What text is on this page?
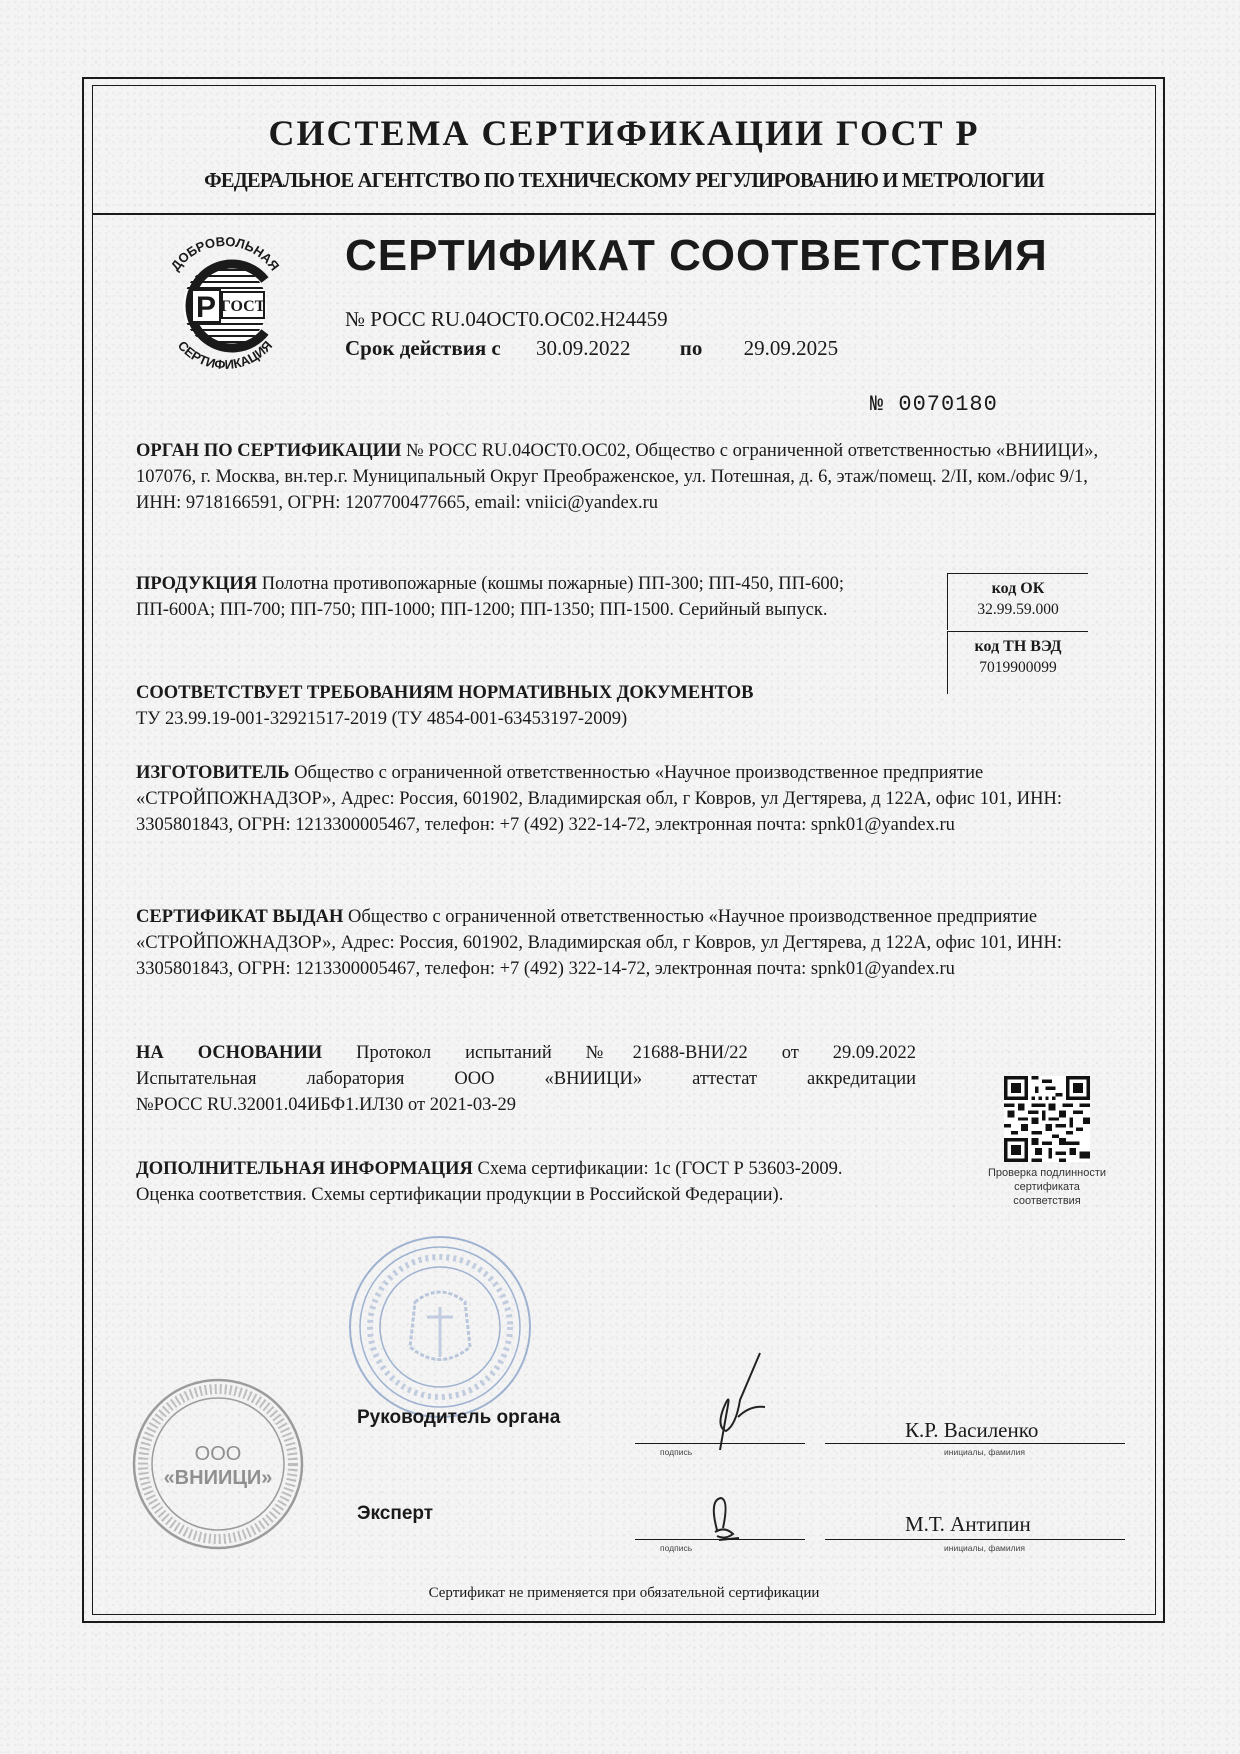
СИСТЕМА СЕРТИФИКАЦИИ ГОСТ Р
ФЕДЕРАЛЬНОЕ АГЕНТСТВО ПО ТЕХНИЧЕСКОМУ РЕГУЛИРОВАНИЮ И МЕТРОЛОГИИ
ДОБРОВОЛЬНАЯ
СЕРТИФИКАЦИЯ
Р ГОСТ
СЕРТИФИКАТ СООТВЕТСТВИЯ
№ РОСС RU.04ОСТ0.ОС02.Н24459
Срок действия с 30.09.2022 по 29.09.2025
№ 0070180
ОРГАН ПО СЕРТИФИКАЦИИ № РОСС RU.04ОСТ0.ОС02, Общество с ограниченной ответственностью «ВНИИЦИ», 107076, г. Москва, вн.тер.г. Муниципальный Округ Преображенское, ул. Потешная, д. 6, этаж/помещ. 2/II, ком./офис 9/1, ИНН: 9718166591, ОГРН: 1207700477665, email: vniici@yandex.ru
ПРОДУКЦИЯ Полотна противопожарные (кошмы пожарные) ПП-300; ПП-450, ПП-600; ПП-600А; ПП-700; ПП-750; ПП-1000; ПП-1200; ПП-1350; ПП-1500. Серийный выпуск.
код ОК
32.99.59.000
код ТН ВЭД
7019900099
СООТВЕТСТВУЕТ ТРЕБОВАНИЯМ НОРМАТИВНЫХ ДОКУМЕНТОВ
ТУ 23.99.19-001-32921517-2019 (ТУ 4854-001-63453197-2009)
ИЗГОТОВИТЕЛЬ Общество с ограниченной ответственностью «Научное производственное предприятие «СТРОЙПОЖНАДЗОР», Адрес: Россия, 601902, Владимирская обл, г Ковров, ул Дегтярева, д 122А, офис 101, ИНН: 3305801843, ОГРН: 1213300005467, телефон: +7 (492) 322-14-72, электронная почта: spnk01@yandex.ru
СЕРТИФИКАТ ВЫДАН Общество с ограниченной ответственностью «Научное производственное предприятие «СТРОЙПОЖНАДЗОР», Адрес: Россия, 601902, Владимирская обл, г Ковров, ул Дегтярева, д 122А, офис 101, ИНН: 3305801843, ОГРН: 1213300005467, телефон: +7 (492) 322-14-72, электронная почта: spnk01@yandex.ru
НА ОСНОВАНИИ Протокол испытаний №21688-ВНИ/22 от 29.09.2022
Испытательная лаборатория ООО «ВНИИЦИ» аттестат аккредитации
№РОСС RU.32001.04ИБФ1.ИЛ30 от 2021-03-29
ДОПОЛНИТЕЛЬНАЯ ИНФОРМАЦИЯ Схема сертификации: 1с (ГОСТ Р 53603-2009. Оценка соответствия. Схемы сертификации продукции в Российской Федерации).
Проверка подлинности сертификата соответствия
ООО
«ВНИИЦИ»
Руководитель органа
К.Р. Василенко
подпись	инициалы, фамилия
Эксперт	М.Т. Антипин
подпись	инициалы, фамилия
Сертификат не применяется при обязательной сертификации
